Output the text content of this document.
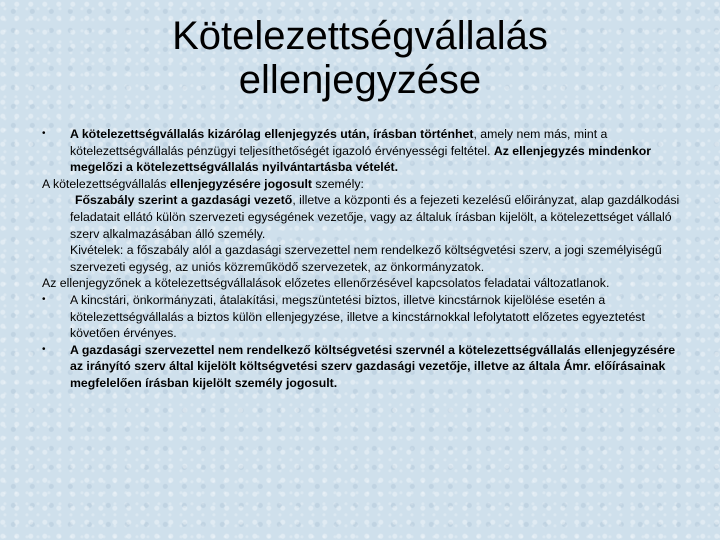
Kötelezettségvállalás
ellenjegyzése
• A kötelezettségvállalás kizárólag ellenjegyzés után, írásban történhet, amely nem más, mint a kötelezettségvállalás pénzügyi teljesíthetőségét igazoló érvényességi feltétel. Az ellenjegyzés mindenkor megelőzi a kötelezettségvállalás nyilvántartásba vételét.
A kötelezettségvállalás ellenjegyzésére jogosult személy:
Főszabály szerint a gazdasági vezető, illetve a központi és a fejezeti kezelésű előirányzat, alap gazdálkodási feladatait ellátó külön szervezeti egységének vezetője, vagy az általuk írásban kijelölt, a kötelezettséget vállaló szerv alkalmazásában álló személy.
Kivételek: a főszabály alól a gazdasági szervezettel nem rendelkező költségvetési szerv, a jogi személyiségű szervezeti egység, az uniós közreműködő szervezetek, az önkormányzatok.
Az ellenjegyzőnek a kötelezettségvállalások előzetes ellenőrzésével kapcsolatos feladatai változatlanok.
• A kincstári, önkormányzati, átalakítási, megszüntetési biztos, illetve kincstárnok kijelölése esetén a kötelezettségvállalás a biztos külön ellenjegyzése, illetve a kincstárnokkal lefolytatott előzetes egyeztetést követően érvényes.
• A gazdasági szervezettel nem rendelkező költségvetési szervnél a kötelezettségvállalás ellenjegyzésére az irányító szerv által kijelölt költségvetési szerv gazdasági vezetője, illetve az általa Ámr. előírásainak megfelelően írásban kijelölt személy jogosult.
